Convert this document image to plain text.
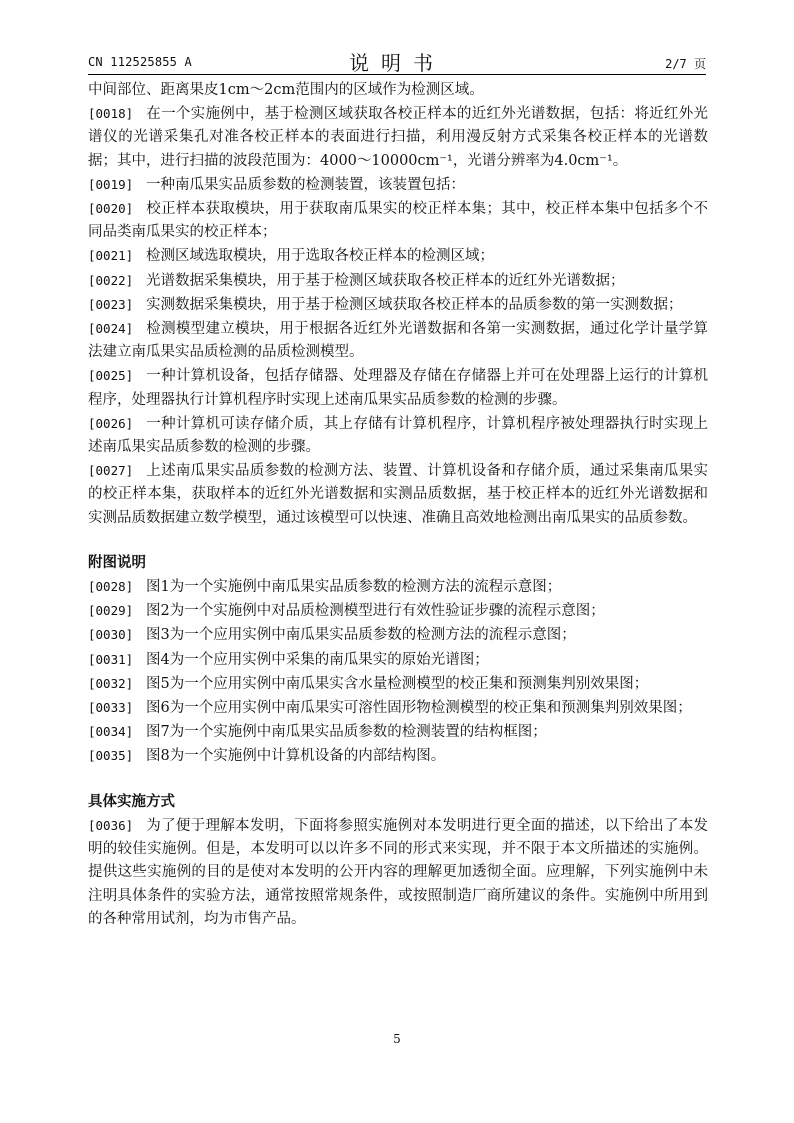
CN 112525855 A	说明书	2/7 页
中间部位、距离果皮1cm～2cm范围内的区域作为检测区域。
[0018] 在一个实施例中，基于检测区域获取各校正样本的近红外光谱数据，包括：将近红外光谱仪的光谱采集孔对准各校正样本的表面进行扫描，利用漫反射方式采集各校正样本的光谱数据；其中，进行扫描的波段范围为：4000～10000cm⁻¹，光谱分辨率为4.0cm⁻¹。
[0019] 一种南瓜果实品质参数的检测装置，该装置包括：
[0020] 校正样本获取模块，用于获取南瓜果实的校正样本集；其中，校正样本集中包括多个不同品类南瓜果实的校正样本；
[0021] 检测区域选取模块，用于选取各校正样本的检测区域；
[0022] 光谱数据采集模块，用于基于检测区域获取各校正样本的近红外光谱数据；
[0023] 实测数据采集模块，用于基于检测区域获取各校正样本的品质参数的第一实测数据；
[0024] 检测模型建立模块，用于根据各近红外光谱数据和各第一实测数据，通过化学计量学算法建立南瓜果实品质检测的品质检测模型。
[0025] 一种计算机设备，包括存储器、处理器及存储在存储器上并可在处理器上运行的计算机程序，处理器执行计算机程序时实现上述南瓜果实品质参数的检测的步骤。
[0026] 一种计算机可读存储介质，其上存储有计算机程序，计算机程序被处理器执行时实现上述南瓜果实品质参数的检测的步骤。
[0027] 上述南瓜果实品质参数的检测方法、装置、计算机设备和存储介质，通过采集南瓜果实的校正样本集，获取样本的近红外光谱数据和实测品质数据，基于校正样本的近红外光谱数据和实测品质数据建立数学模型，通过该模型可以快速、准确且高效地检测出南瓜果实的品质参数。
附图说明
[0028] 图1为一个实施例中南瓜果实品质参数的检测方法的流程示意图；
[0029] 图2为一个实施例中对品质检测模型进行有效性验证步骤的流程示意图；
[0030] 图3为一个应用实例中南瓜果实品质参数的检测方法的流程示意图；
[0031] 图4为一个应用实例中采集的南瓜果实的原始光谱图；
[0032] 图5为一个应用实例中南瓜果实含水量检测模型的校正集和预测集判别效果图；
[0033] 图6为一个应用实例中南瓜果实可溶性固形物检测模型的校正集和预测集判别效果图；
[0034] 图7为一个实施例中南瓜果实品质参数的检测装置的结构框图；
[0035] 图8为一个实施例中计算机设备的内部结构图。
具体实施方式
[0036] 为了便于理解本发明，下面将参照实施例对本发明进行更全面的描述，以下给出了本发明的较佳实施例。但是，本发明可以以许多不同的形式来实现，并不限于本文所描述的实施例。提供这些实施例的目的是使对本发明的公开内容的理解更加透彻全面。应理解，下列实施例中未注明具体条件的实验方法，通常按照常规条件，或按照制造厂商所建议的条件。实施例中所用到的各种常用试剂，均为市售产品。
5
